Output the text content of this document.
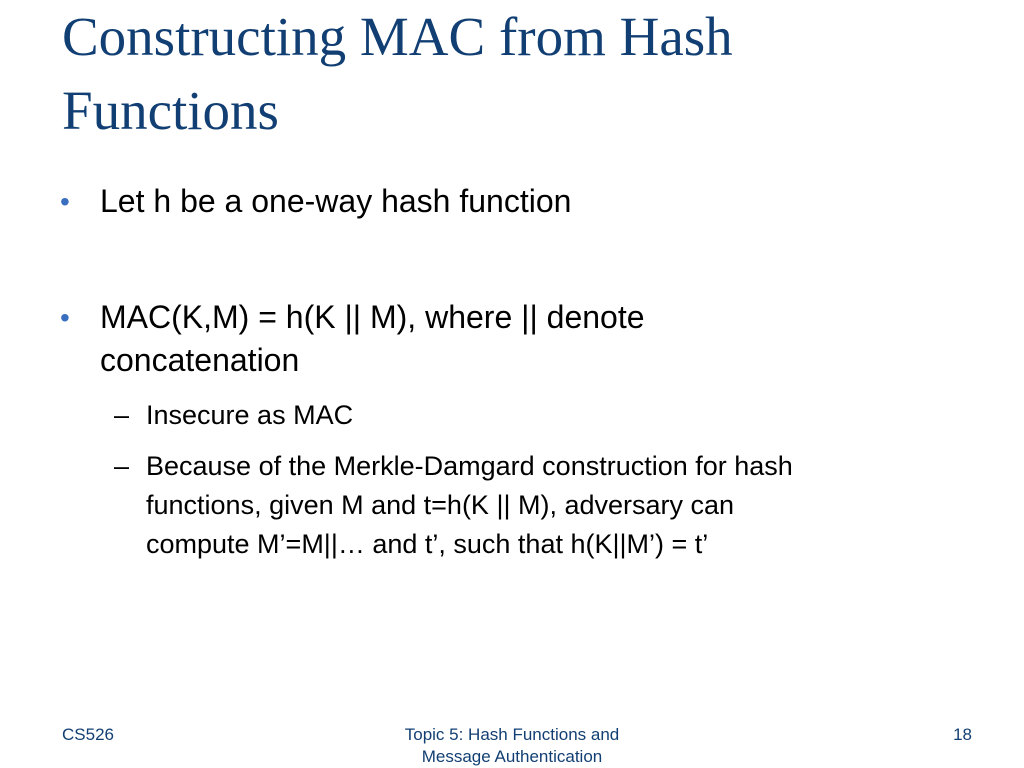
Constructing MAC from Hash
Functions
• Let h be a one-way hash function
• MAC(K,M) = h(K || M), where || denote
concatenation
– Insecure as MAC
– Because of the Merkle-Damgard construction for hash
functions, given M and t=h(K || M), adversary can
compute M’=M||… and t’, such that h(K||M’) = t’
CS526	Topic 5: Hash Functions and
Message Authentication
18
